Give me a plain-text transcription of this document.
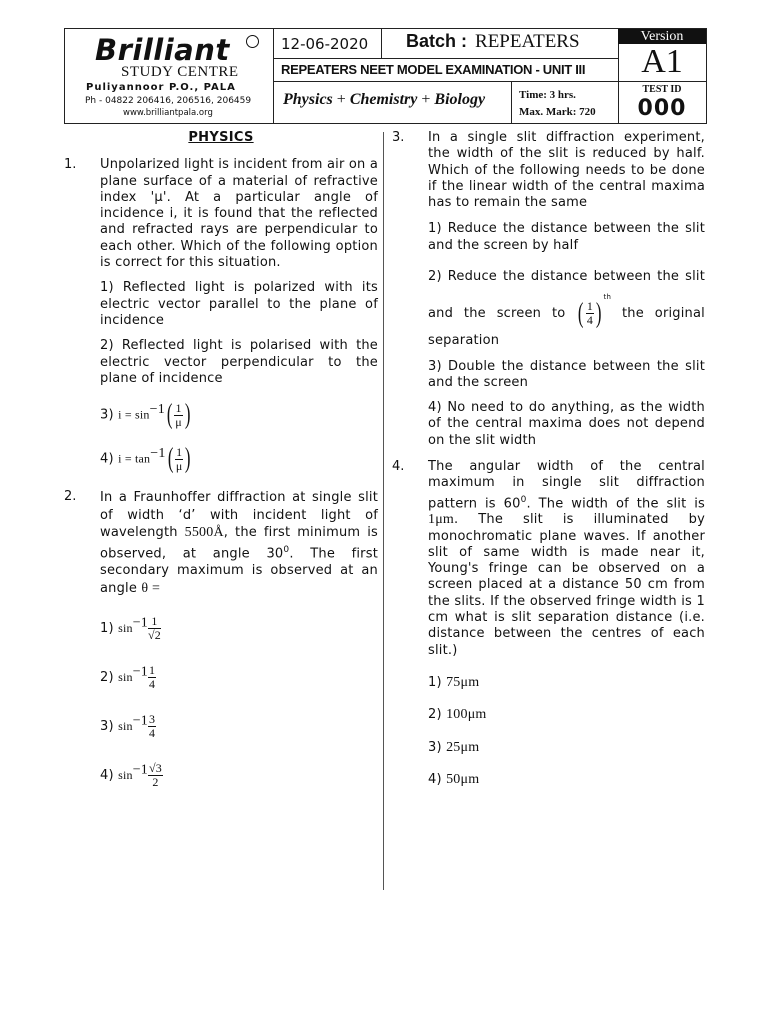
Brilliant
STUDY CENTRE
Puliyannoor P.O., PALA
Ph - 04822 206416, 206516, 206459
www.brilliantpala.org
12-06-2020 Batch : REPEATERS
REPEATERS NEET MODEL EXAMINATION - UNIT III
Physics + Chemistry + Biology	Time: 3 hrs.
Max. Mark: 720
Version
A1
TEST ID
000
PHYSICS
1.	Unpolarized light is incident from air on a plane surface of a material of refractive index 'μ'. At a particular angle of incidence i, it is found that the reflected and refracted rays are perpendicular to each other. Which of the following option is correct for this situation.
1) Reflected light is polarized with its electric vector parallel to the plane of incidence
2) Reflected light is polarised with the electric vector perpendicular to the plane of incidence
3) $i = \sin^{-1}$ ( $\frac{1}{\mu}$ )
4) $i = \tan^{-1}$ ( $\frac{1}{\mu}$ )
2.	In a Fraunhoffer diffraction at single slit of width ‘d’ with incident light of wavelength 5500Å, the first minimum is observed, at angle $30^0$. The first secondary maximum is observed at an angle θ =
1) $\sin^{-1} \frac{1}{√2}$
2) $\sin^{-1} \frac{1}{4}$
3) $\sin^{-1} \frac{3}{4}$
4) $\sin^{-1} \frac{√3}{2}$
3.	In a single slit diffraction experiment, the width of the slit is reduced by half. Which of the following needs to be done if the linear width of the central maxima has to remain the same
1) Reduce the distance between the slit and the screen by half
2) Reduce the distance between the slit and the screen to ( $\frac{1}{4}$ )
$^{th}$ the original separation
3) Double the distance between the slit and the screen
4) No need to do anything, as the width of the central maxima does not depend on the slit width
4.	The angular width of the central maximum in single slit diffraction pattern is $60^0$. The width of the slit is 1μm. The slit is illuminated by monochromatic plane waves. If another slit of same width is made near it, Young's fringe can be observed on a screen placed at a distance 50 cm from the slits. If the observed fringe width is 1 cm what is slit separation distance (i.e. distance between the centres of each slit.)
1) 75μm
2) 100μm
3) 25μm
4) 50μm
